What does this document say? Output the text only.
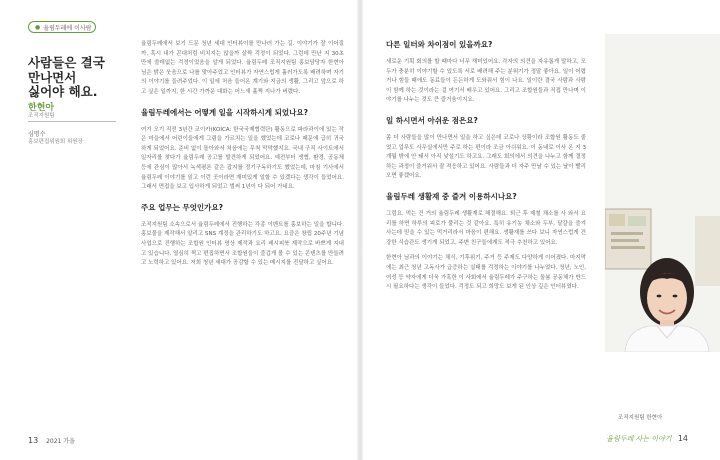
● 율림두레에 이사람
사람들은 결국
만나면서
싫어야 해요.
한현아
조직지원팀
심명수
홍보편집위원회 위원장

율림두레에서 보기 드문 청년 세대 인터뷰이를 만나러 가는 길. 이야기가 잘 이어질까, 혹시 내가 꼰대처럼 비치지는 않을까 살짝 걱정이 되었다. 그런데 만난 지 30초 만에 쓸데없는 걱정이었음을 알게 되었다. 율림두레 조직지원팀 홍보담당자 한현아 님은 밝은 웃음으로 나를 맞아주었고 인터뷰가 자연스럽게 흘러가도록 배려하며 자기의 이야기를 들려주었다. 이 일에 처음 들어온 계기와 지금의 생활, 그리고 앞으로 하고 싶은 일까지, 한 시간 가까운 대화는 어느새 훌쩍 지나가 버렸다.

율림두레에서는 어떻게 일을 시작하시게 되었나요?

여기 오기 직전 3년간 코이카(KOICA: 한국국제협력단) 활동으로 파라과이에 있는 작은 마을에서 어린이들에게 그림을 가르치는 일을 했었는데 코로나 때문에 급히 귀국하게 되었어요. 준비 없이 돌아와서 처음에는 무척 막막했지요. 국내 구직 사이트에서 일자리를 찾다가 율림두레 공고를 발견하게 되었어요. 예전부터 생협, 환경, 공동체 등에 관심이 많아서 녹색평론 같은 잡지를 정기구독하기도 했었는데, 마침 기사에서 율림두레 이야기를 읽고 이런 곳이라면 재미있게 일할 수 있겠다는 생각이 들었어요. 그래서 면접을 보고 입사하게 되었고 벌써 1년이 다 되어 가네요.

주요 업무는 무엇인가요?

조직지원팀 소속으로서 율림두레에서 진행하는 각종 이벤트를 홍보하는 일을 합니다. 홍보물을 제작해서 알리고 SNS 계정을 관리하기도 하고요. 요즘은 창립 20주년 기념 사업으로 진행하는 조합원 인터뷰 영상 제작과 요리 레시피북 제작으로 바쁘게 지내고 있습니다. 열심히 찍고 편집하면서 조합원들이 즐겁게 볼 수 있는 콘텐츠를 만들려고 노력하고 있어요. 저희 청년 세대가 공감할 수 있는 메시지를 전달하고 싶어요.

13 2021 가을
다른 일터와 차이점이 있을까요?

새로운 기획 회의를 할 때마다 너무 재미있어요. 각자의 의견을 자유롭게 말하고, 모두가 충분히 이야기할 수 있도록 서로 배려해 주는 분위기가 정말 좋아요. 일이 어렵거나 힘들 때에도 동료들이 든든하게 도와줘서 힘이 나요. 일이란 결국 사람과 사람이 함께 하는 것이라는 걸 여기서 배우고 있어요. 그리고 조합원들과 직접 만나며 이야기를 나누는 것도 큰 즐거움이지요.

일 하시면서 아쉬운 점은요?

좀 더 사람들을 많이 만나면서 일을 하고 싶은데 코로나 상황이라 조합원 활동도 줄었고 업무도 사무실에서만 주로 하는 편이라 조금 아쉬워요. 이 동네로 이사 온 지 3개월 밖에 안 돼서 아직 낯설기도 하고요. 그래도 회의에서 의견을 나누고 함께 결정하는 과정이 즐거워서 잘 적응하고 있어요. 사람들과 더 자주 만날 수 있는 날이 빨리 오면 좋겠어요.

율림두레 생활재 중 즐겨 이용하시나요?

그럼요. 먹는 건 거의 율림두레 생활재로 해결해요. 퇴근 후 제철 채소를 사 와서 요리를 하면 하루의 피로가 풀리는 것 같아요. 특히 유기농 채소와 두부, 달걀을 즐겨 사는데 믿을 수 있는 먹거리라서 마음이 편해요. 생활재를 쓰다 보니 자연스럽게 건강한 식습관도 생기게 되었고, 주변 친구들에게도 적극 추천하고 있어요.

한현아 님과의 이야기는 채식, 기후위기, 주거 등 주제도 다양하게 이어졌다. 마지막에는 최근 청년 고독사가 급증하는 실태를 걱정하는 이야기를 나누었다. 청년, 노인, 여성 등 약자에게 더욱 가혹한 이 사회에서 율림두레가 주구하는 돌봄 공동체가 반드시 필요하다는 생각이 들었다. 걱정도 되고 희망도 보게 된 인상 깊은 인터뷰였다.

조직지원팀 한현아
율림두레 사는 이야기 14
